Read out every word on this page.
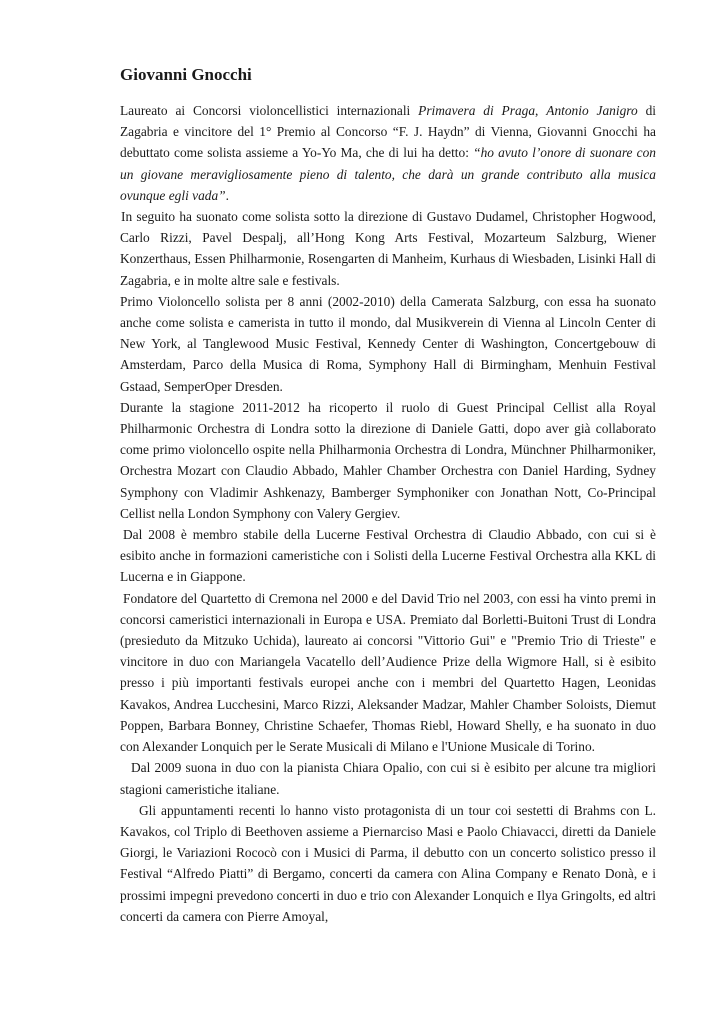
Giovanni Gnocchi

Laureato ai Concorsi violoncellistici internazionali Primavera di Praga, Antonio Janigro di Zagabria e vincitore del 1° Premio al Concorso “F. J. Haydn” di Vienna, Giovanni Gnocchi ha debuttato come solista assieme a Yo-Yo Ma, che di lui ha detto: “ho avuto l’onore di suonare con un giovane meravigliosamente pieno di talento, che darà un grande contributo alla musica ovunque egli vada”.

In seguito ha suonato come solista sotto la direzione di Gustavo Dudamel, Christopher Hogwood, Carlo Rizzi, Pavel Despalj, all’Hong Kong Arts Festival, Mozarteum Salzburg, Wiener Konzerthaus, Essen Philharmonie, Rosengarten di Manheim, Kurhaus di Wiesbaden, Lisinki Hall di Zagabria, e in molte altre sale e festivals.

Primo Violoncello solista per 8 anni (2002-2010) della Camerata Salzburg, con essa ha suonato anche come solista e camerista in tutto il mondo, dal Musikverein di Vienna al Lincoln Center di New York, al Tanglewood Music Festival, Kennedy Center di Washington, Concertgebouw di Amsterdam, Parco della Musica di Roma, Symphony Hall di Birmingham, Menhuin Festival Gstaad, SemperOper Dresden.

Durante la stagione 2011-2012 ha ricoperto il ruolo di Guest Principal Cellist alla Royal Philharmonic Orchestra di Londra sotto la direzione di Daniele Gatti, dopo aver già collaborato come primo violoncello ospite nella Philharmonia Orchestra di Londra, Münchner Philharmoniker, Orchestra Mozart con Claudio Abbado, Mahler Chamber Orchestra con Daniel Harding, Sydney Symphony con Vladimir Ashkenazy, Bamberger Symphoniker con Jonathan Nott, Co-Principal Cellist nella London Symphony con Valery Gergiev.

Dal 2008 è membro stabile della Lucerne Festival Orchestra di Claudio Abbado, con cui si è esibito anche in formazioni cameristiche con i Solisti della Lucerne Festival Orchestra alla KKL di Lucerna e in Giappone.

Fondatore del Quartetto di Cremona nel 2000 e del David Trio nel 2003, con essi ha vinto premi in concorsi cameristici internazionali in Europa e USA. Premiato dal Borletti-Buitoni Trust di Londra (presieduto da Mitzuko Uchida), laureato ai concorsi "Vittorio Gui" e "Premio Trio di Trieste" e vincitore in duo con Mariangela Vacatello dell’Audience Prize della Wigmore Hall, si è esibito presso i più importanti festivals europei anche con i membri del Quartetto Hagen, Leonidas Kavakos, Andrea Lucchesini, Marco Rizzi, Aleksander Madzar, Mahler Chamber Soloists, Diemut Poppen, Barbara Bonney, Christine Schaefer, Thomas Riebl, Howard Shelly, e ha suonato in duo con Alexander Lonquich per le Serate Musicali di Milano e l'Unione Musicale di Torino.

Dal 2009 suona in duo con la pianista Chiara Opalio, con cui si è esibito per alcune tra migliori stagioni cameristiche italiane.

Gli appuntamenti recenti lo hanno visto protagonista di un tour coi sestetti di Brahms con L. Kavakos, col Triplo di Beethoven assieme a Piernarciso Masi e Paolo Chiavacci, diretti da Daniele Giorgi, le Variazioni Rococò con i Musici di Parma, il debutto con un concerto solistico presso il Festival “Alfredo Piatti” di Bergamo, concerti da camera con Alina Company e Renato Donà, e i prossimi impegni prevedono concerti in duo e trio con Alexander Lonquich e Ilya Gringolts, ed altri concerti da camera con Pierre Amoyal,
